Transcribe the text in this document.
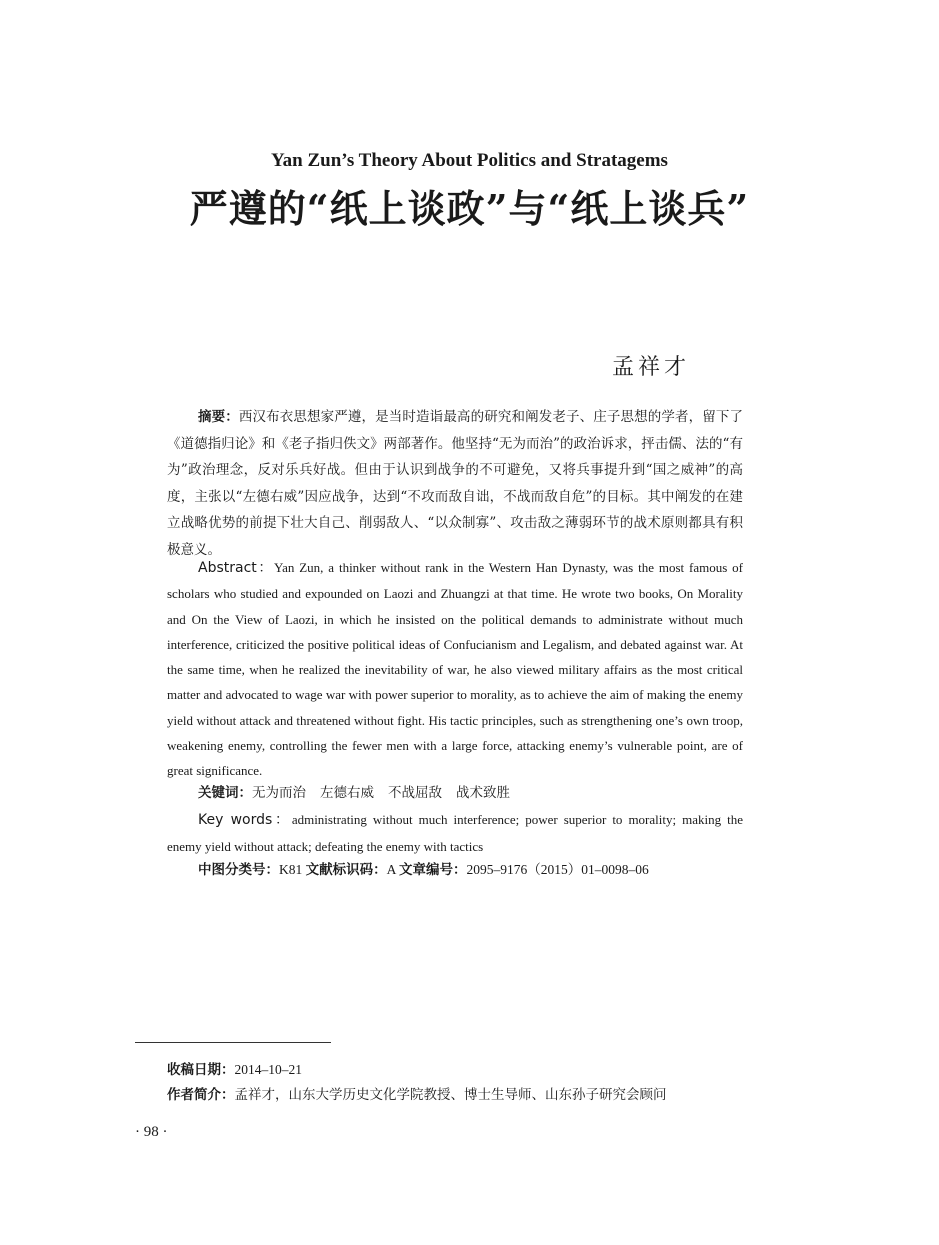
Yan Zun’s Theory About Politics and Stratagems
严遵的“纸上谈政”与“纸上谈兵”
孟祥才
摘要：西汉布衣思想家严遵，是当时造诣最高的研究和阐发老子、庄子思想的学者，留下了《道德指归论》和《老子指归佚文》两部著作。他坚持“无为而治”的政治诉求，抨击儒、法的“有为”政治理念，反对乐兵好战。但由于认识到战争的不可避免，又将兵事提升到“国之威神”的高度，主张以“左德右威”因应战争，达到“不攻而敌自诎，不战而敌自危”的目标。其中阐发的在建立战略优势的前提下壮大自己、削弱敌人、“以众制寡”、攻击敌之薄弱环节的战术原则都具有积极意义。
Abstract：Yan Zun, a thinker without rank in the Western Han Dynasty, was the most famous of scholars who studied and expounded on Laozi and Zhuangzi at that time. He wrote two books, On Morality and On the View of Laozi, in which he insisted on the political demands to administrate without much interference, criticized the positive political ideas of Confucianism and Legalism, and debated against war. At the same time, when he realized the inevitability of war, he also viewed military affairs as the most critical matter and advocated to wage war with power superior to morality, as to achieve the aim of making the enemy yield without attack and threatened without fight. His tactic principles, such as strengthening one’s own troop, weakening enemy, controlling the fewer men with a large force, attacking enemy’s vulnerable point, are of great significance.
关键词：无为而治 左德右威 不战屈敌 战术致胜
Key words：administrating without much interference; power superior to morality; making the enemy yield without attack; defeating the enemy with tactics
中图分类号：K81 文献标识码：A 文章编号：2095–9176（2015）01–0098–06
收稿日期：2014–10–21
作者简介：孟祥才，山东大学历史文化学院教授、博士生导师、山东孙子研究会顾问
· 98 ·
